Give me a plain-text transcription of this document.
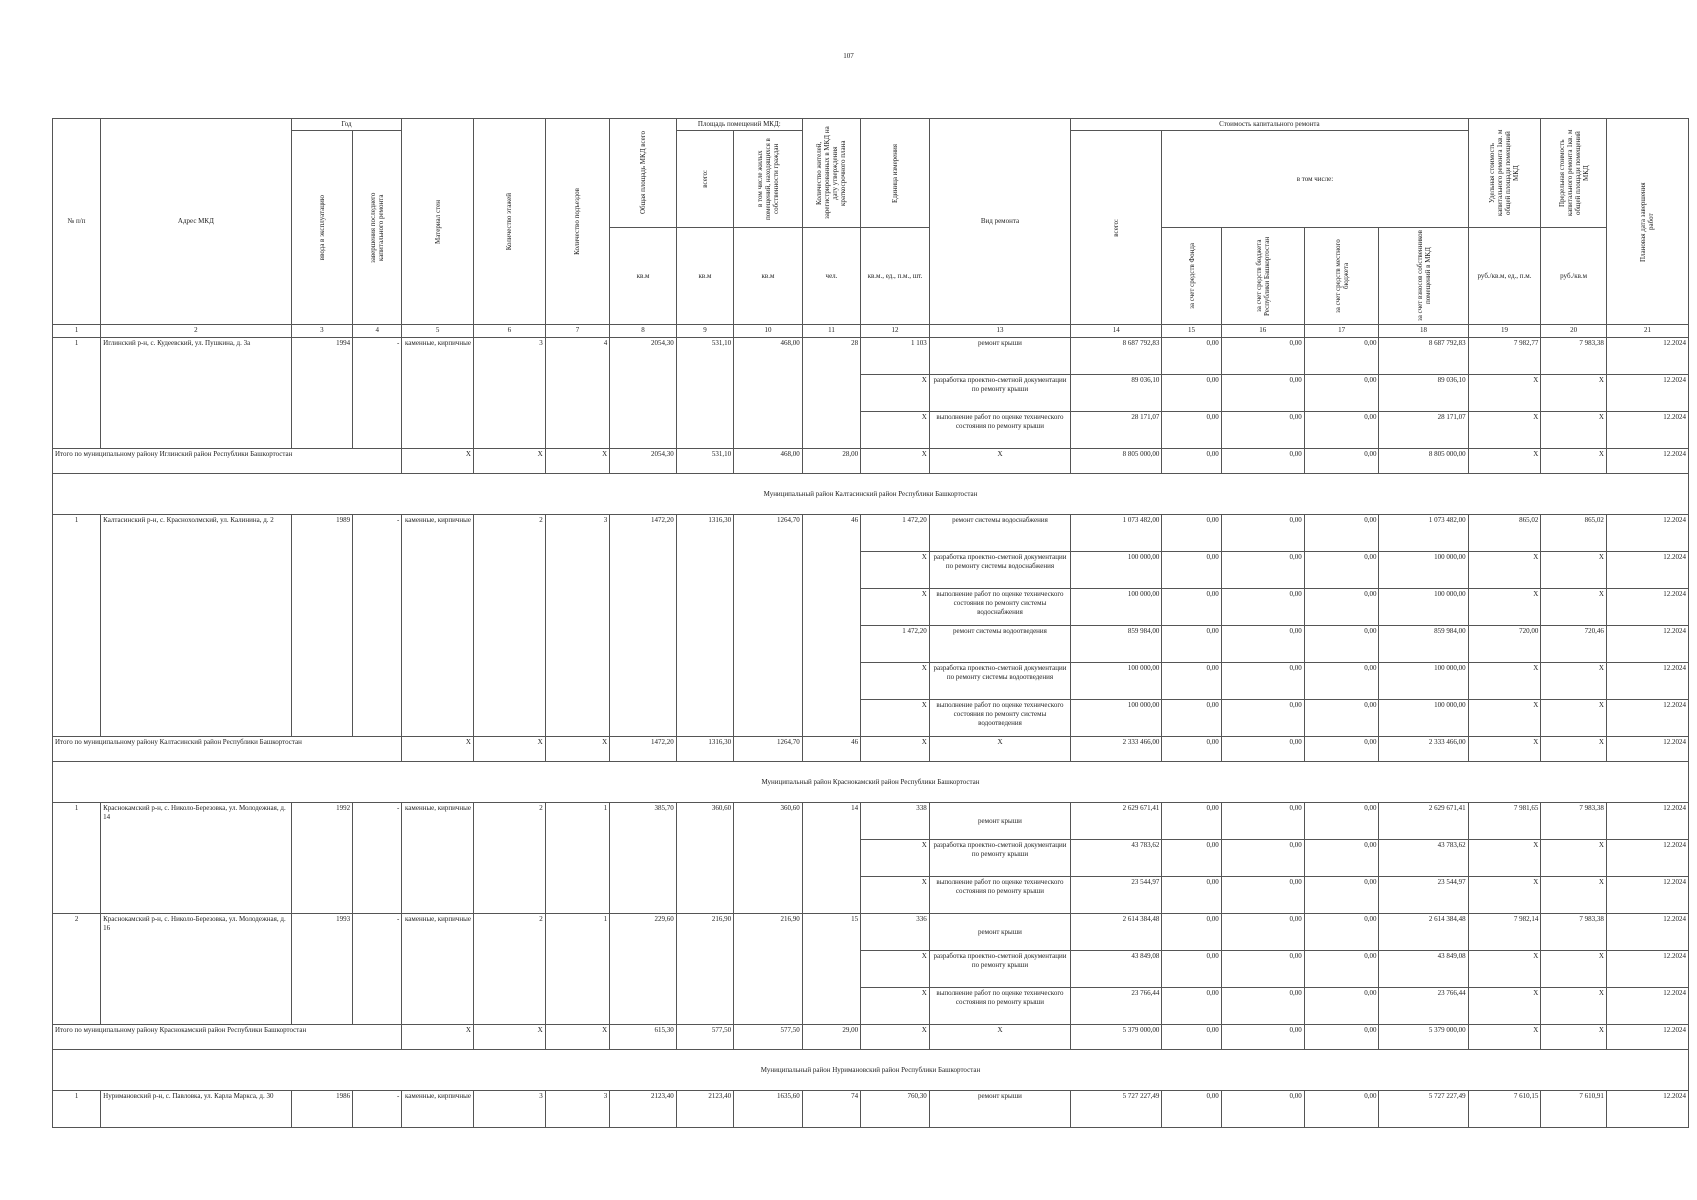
107
№ п/п	Адрес МКД	Год		Материал стен	Количество этажей	Количество подъездов	Общая площадь МКД всего	Площадь помещений МКД:		Количество жителей, зарегистрированных в МКД на дату утверждения краткосрочного плана	Единица измерения	Вид ремонта	Стоимость капитального ремонта					Удельная стоимость капитального ремонта 1кв. м общей площади помещений МКД	Предельная стоимость капитального ремонта 1кв. м общей площади помещений МКД	Плановая дата завершения работ

		ввода в эксплуатацию	завершения последнего капитального ремонта					всего:	в том числе жилых помещений, находящихся в собственности граждан				всего:	в том числе:						
							кв.м	кв.м	кв.м	чел.	кв.м., ед., п.м., шт.			за счет средств Фонда	за счет средств бюджета Республики Башкортостан	за счет средств местного бюджета	за счет взносов собственников помещений в МКД	руб./кв.м, ед., п.м.	руб./кв.м	
1	2	3	4	5	6	7	8	9	10	11	12	13	14	15	16	17	18	19	20	21
1	Иглинский р-н, с. Кудеевский, ул. Пушкина, д. 3а	1994	-	каменные, кирпичные	3	4	2054,30	531,10	468,00	28	1 103	ремонт крыши	8 687 792,83	0,00	0,00	0,00	8 687 792,83	7 982,77	7 983,38	12.2024
											Х	разработка проектно-сметной документации по ремонту крыши	89 036,10	0,00	0,00	0,00	89 036,10	Х	Х	12.2024
											Х	выполнение работ по оценке технического состояния по ремонту крыши	28 171,07	0,00	0,00	0,00	28 171,07	Х	Х	12.2024
Итого по муниципальному району Иглинский район Республики Башкортостан				Х	Х	Х	2054,30	531,10	468,00	28,00	Х	Х	8 805 000,00	0,00	0,00	0,00	8 805 000,00	Х	Х	12.2024
Муниципальный район Калтасинский район Республики Башкортостан																				
1	Калтасинский р-н, с. Краснохолмский, ул. Калинина, д. 2	1989	-	каменные, кирпичные	2	3	1472,20	1316,30	1264,70	46	1 472,20	ремонт системы водоснабжения	1 073 482,00	0,00	0,00	0,00	1 073 482,00	865,02	865,02	12.2024
											Х	разработка проектно-сметной документации по ремонту системы водоснабжения	100 000,00	0,00	0,00	0,00	100 000,00	Х	Х	12.2024
											Х	выполнение работ по оценке технического состояния по ремонту системы водоснабжения	100 000,00	0,00	0,00	0,00	100 000,00	Х	Х	12.2024
											1 472,20	ремонт системы водоотведения	859 984,00	0,00	0,00	0,00	859 984,00	720,00	720,46	12.2024
											Х	разработка проектно-сметной документации по ремонту системы водоотведения	100 000,00	0,00	0,00	0,00	100 000,00	Х	Х	12.2024
											Х	выполнение работ по оценке технического состояния по ремонту системы водоотведения	100 000,00	0,00	0,00	0,00	100 000,00	Х	Х	12.2024
Итого по муниципальному району Калтасинский район Республики Башкортостан				Х	Х	Х	1472,20	1316,30	1264,70	46	Х	Х	2 333 466,00	0,00	0,00	0,00	2 333 466,00	Х	Х	12.2024
Муниципальный район Краснокамский район Республики Башкортостан																				
1	Краснокамский р-н, с. Николо-Березовка, ул. Молодежная, д. 14	1992	-	каменные, кирпичные	2	1	385,70	360,60	360,60	14	338	ремонт крыши	2 629 671,41	0,00	0,00	0,00	2 629 671,41	7 981,65	7 983,38	12.2024
											Х	разработка проектно-сметной документации по ремонту крыши	43 783,62	0,00	0,00	0,00	43 783,62	Х	Х	12.2024
											Х	выполнение работ по оценке технического состояния по ремонту крыши	23 544,97	0,00	0,00	0,00	23 544,97	Х	Х	12.2024
2	Краснокамский р-н, с. Николо-Березовка, ул. Молодежная, д. 16	1993	-	каменные, кирпичные	2	1	229,60	216,90	216,90	15	336	ремонт крыши	2 614 384,48	0,00	0,00	0,00	2 614 384,48	7 982,14	7 983,38	12.2024
											Х	разработка проектно-сметной документации по ремонту крыши	43 849,08	0,00	0,00	0,00	43 849,08	Х	Х	12.2024
											Х	выполнение работ по оценке технического состояния по ремонту крыши	23 766,44	0,00	0,00	0,00	23 766,44	Х	Х	12.2024
Итого по муниципальному району Краснокамский район Республики Башкортостан				Х	Х	Х	615,30	577,50	577,50	29,00	Х	Х	5 379 000,00	0,00	0,00	0,00	5 379 000,00	Х	Х	12.2024
Муниципальный район Нуримановский район Республики Башкортостан																				
1	Нуримановский р-н, с. Павловка, ул. Карла Маркса, д. 30	1986	-	каменные, кирпичные	3	3	2123,40	2123,40	1635,60	74	760,30	ремонт крыши	5 727 227,49	0,00	0,00	0,00	5 727 227,49	7 610,15	7 610,91	12.2024
